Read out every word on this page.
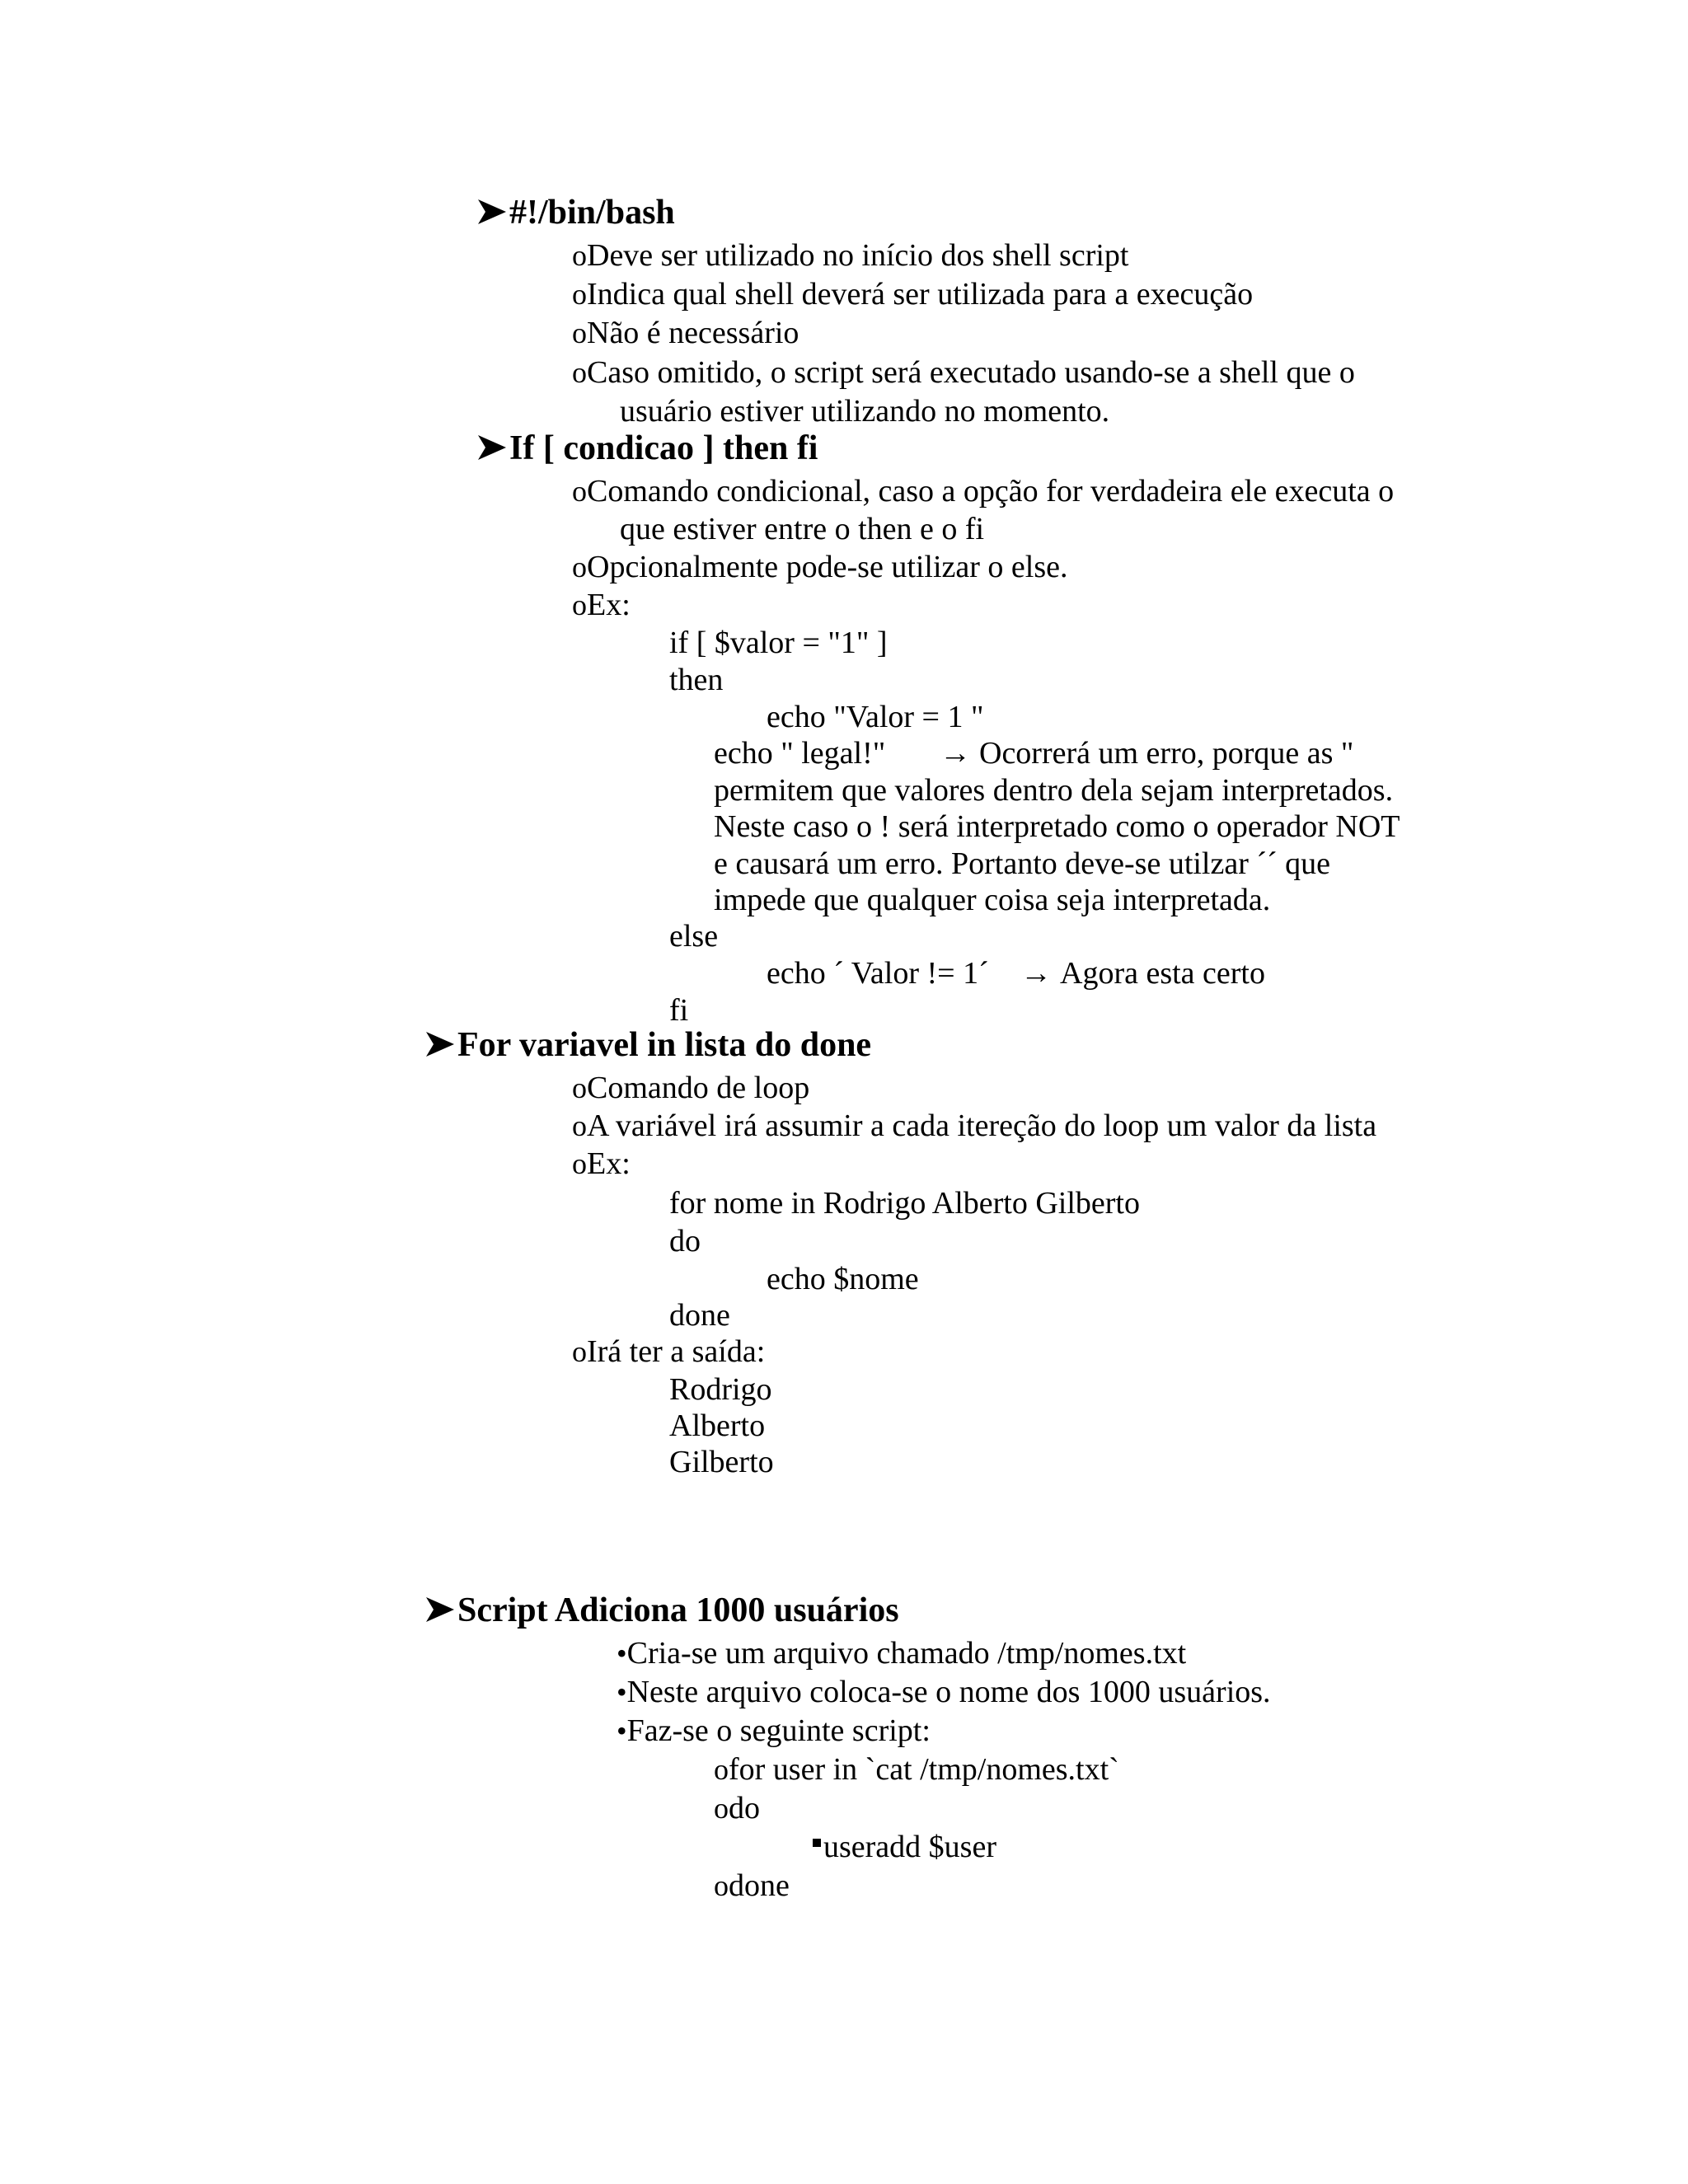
#!/bin/bash
oDeve ser utilizado no início dos shell script
oIndica qual shell deverá ser utilizada para a execução
oNão é necessário
oCaso omitido, o script será executado usando-se a shell que o
usuário estiver utilizando no momento.
If [ condicao ] then fi
oComando condicional, caso a opção for verdadeira ele executa o
que estiver entre o then e o fi
oOpcionalmente pode-se utilizar o else.
oEx:
if [ $valor = "1" ]
then
echo "Valor = 1 "
echo " legal!" → Ocorrerá um erro, porque as "
permitem que valores dentro dela sejam interpretados.
Neste caso o ! será interpretado como o operador NOT
e causará um erro. Portanto deve-se utilzar ´´ que
impede que qualquer coisa seja interpretada.
else
echo ´ Valor != 1´ → Agora esta certo
fi
For variavel in lista do done
oComando de loop
oA variável irá assumir a cada itereção do loop um valor da lista
oEx:
for nome in Rodrigo Alberto Gilberto
do
echo $nome
done
oIrá ter a saída:
Rodrigo
Alberto
Gilberto
Script Adiciona 1000 usuários
•Cria-se um arquivo chamado /tmp/nomes.txt
•Neste arquivo coloca-se o nome dos 1000 usuários.
•Faz-se o seguinte script:
ofor user in `cat /tmp/nomes.txt`
odo
useradd $user
odone
